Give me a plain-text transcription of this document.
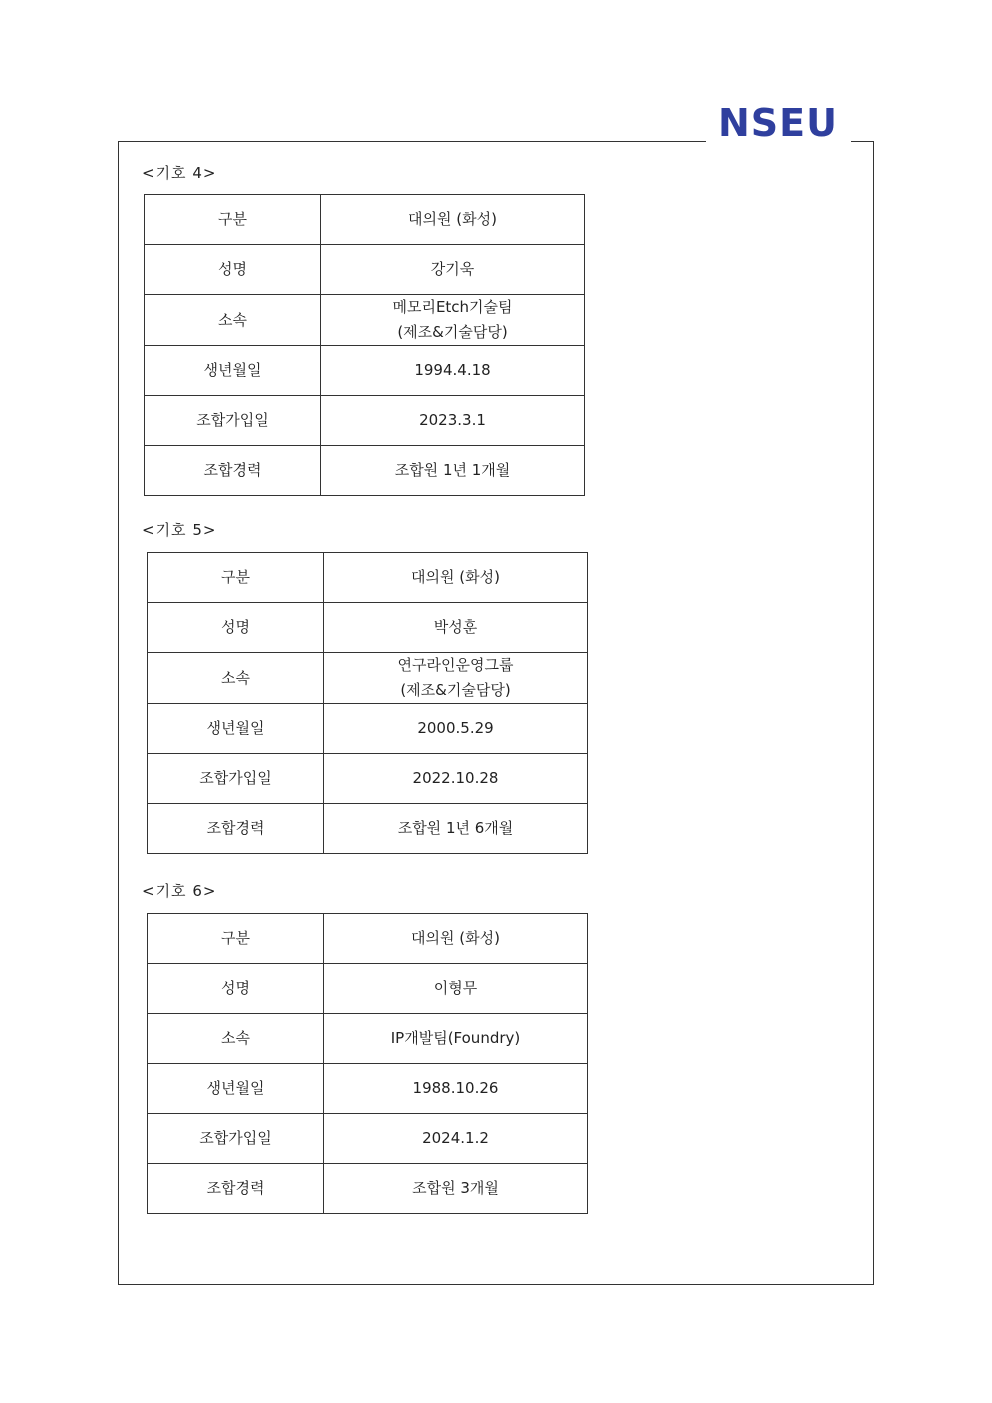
NSEU
<기호 4>
구분	대의원 (화성)
성명	강기욱
소속	메모리Etch기술팀
(제조&기술담당)

생년월일	1994.4.18
조합가입일	2023.3.1
조합경력	조합원 1년 1개월
<기호 5>
구분	대의원 (화성)
성명	박성훈
소속	연구라인운영그룹
(제조&기술담당)

생년월일	2000.5.29
조합가입일	2022.10.28
조합경력	조합원 1년 6개월
<기호 6>
구분	대의원 (화성)
성명	이형무
소속	IP개발팀(Foundry)
생년월일	1988.10.26
조합가입일	2024.1.2
조합경력	조합원 3개월
